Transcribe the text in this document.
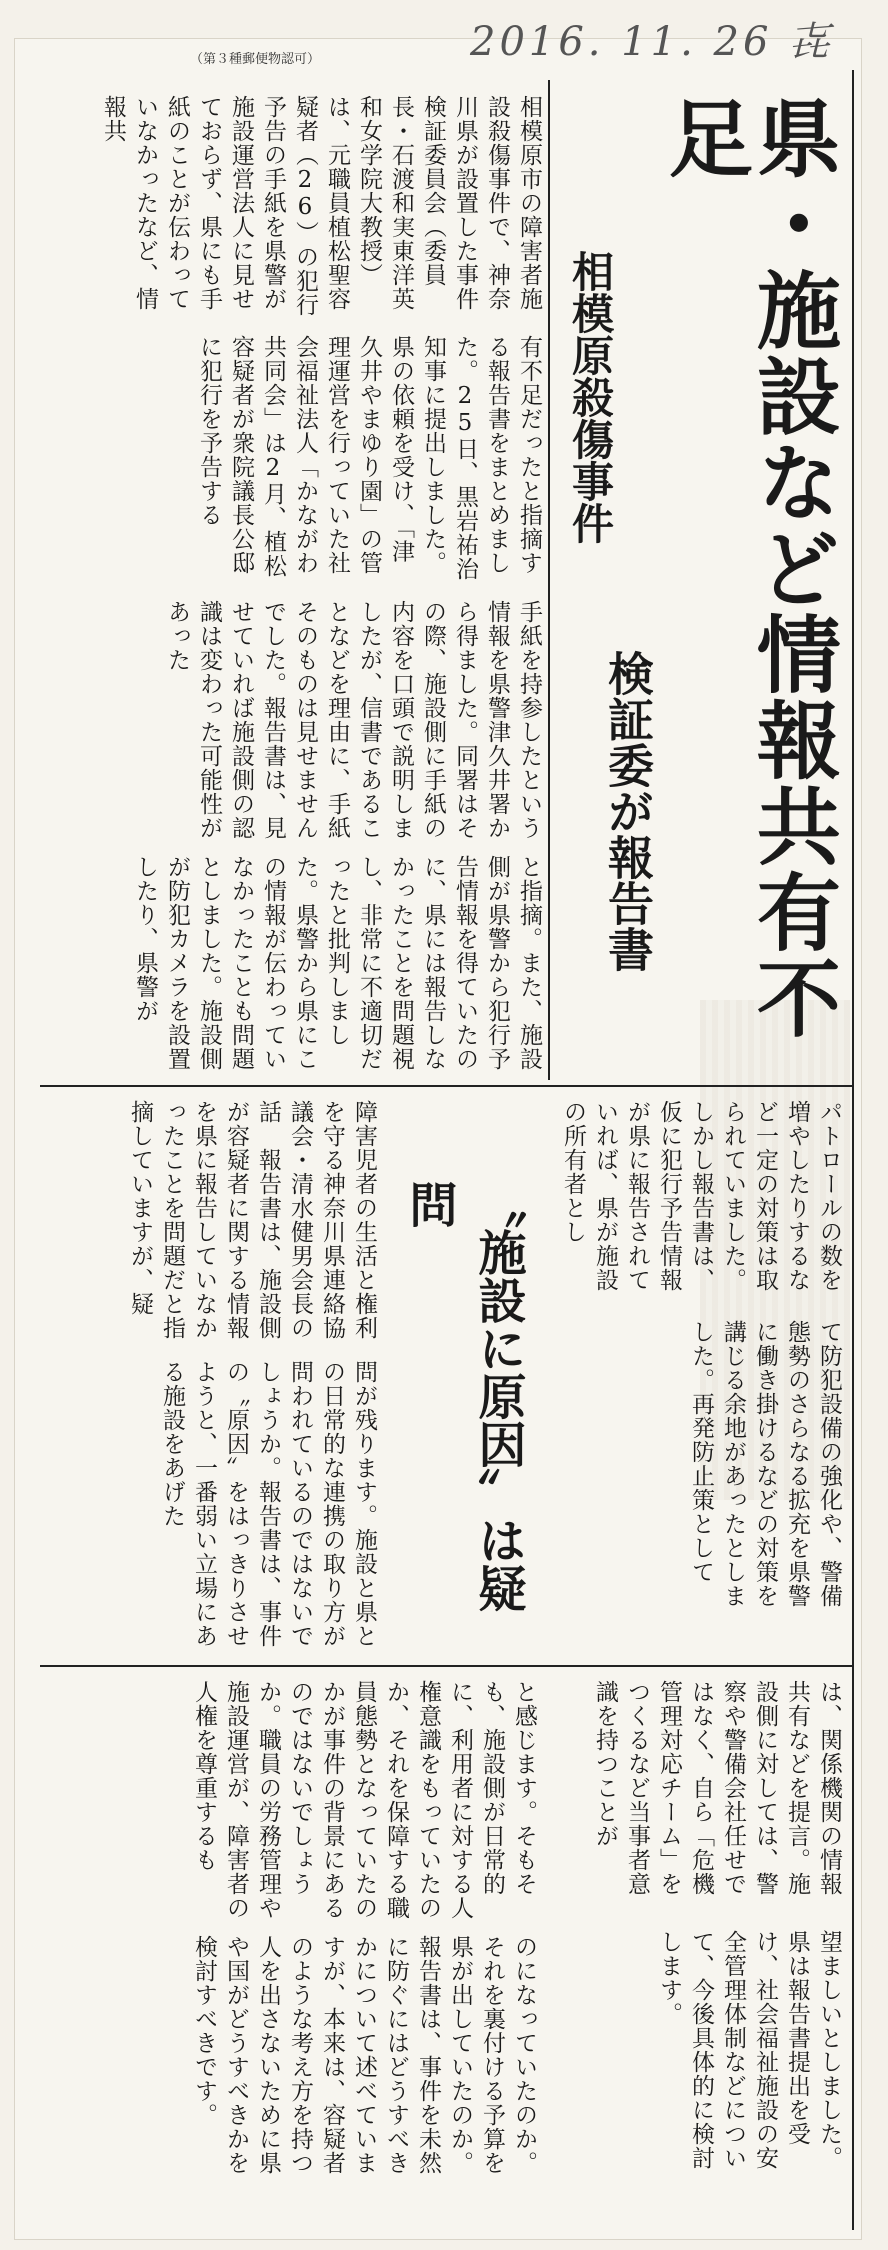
（第３種郵便物認可）	2016. 11. 26 㐂
県・施設など情報共有不足
相模原殺傷事件
検証委が報告書
〝施設に原因〟は疑問
相模原市の障害者施設殺傷事件で、神奈川県が設置した事件検証委員会（委員長・石渡和実東洋英和女学院大教授）は、元職員植松聖容疑者（26）の犯行予告の手紙を県警が施設運営法人に見せておらず、県にも手紙のことが伝わっていなかったなど、情報共
有不足だったと指摘する報告書をまとめました。25日、黒岩祐治知事に提出しました。県の依頼を受け、「津久井やまゆり園」の管理運営を行っていた社会福祉法人「かながわ共同会」は2月、植松容疑者が衆院議長公邸に犯行を予告する
手紙を持参したという情報を県警津久井署から得ました。同署はその際、施設側に手紙の内容を口頭で説明しましたが、信書であることなどを理由に、手紙そのものは見せませんでした。報告書は、見せていれば施設側の認識は変わった可能性があった
と指摘。また、施設側が県警から犯行予告情報を得ていたのに、県には報告しなかったことを問題視し、非常に不適切だったと批判しました。県警から県にこの情報が伝わっていなかったことも問題としました。施設側が防犯カメラを設置したり、県警が
パトロールの数を増やしたりするなど一定の対策は取られていました。しかし報告書は、仮に犯行予告情報が県に報告されていれば、県が施設の所有者とし
て防犯設備の強化や、警備態勢のさらなる拡充を県警に働き掛けるなどの対策を講じる余地があったとしました。再発防止策として
は、関係機関の情報共有などを提言。施設側に対しては、警察や警備会社任せではなく、自ら「危機管理対応チーム」をつくるなど当事者意識を持つことが
望ましいとしました。県は報告書提出を受け、社会福祉施設の安全管理体制などについて、今後具体的に検討します。
障害児者の生活と権利を守る神奈川県連絡協議会・清水健男会長の話　報告書は、施設側が容疑者に関する情報を県に報告していなかったことを問題だと指摘していますが、疑
問が残ります。施設と県との日常的な連携の取り方が問われているのではないでしょうか。報告書は、事件の〝原因〟をはっきりさせようと、一番弱い立場にある施設をあげた
と感じます。そもそも、施設側が日常的に、利用者に対する人権意識をもっていたのか、それを保障する職員態勢となっていたのかが事件の背景にあるのではないでしょうか。職員の労務管理や施設運営が、障害者の人権を尊重するも
のになっていたのか。それを裏付ける予算を県が出していたのか。報告書は、事件を未然に防ぐにはどうすべきかについて述べていますが、本来は、容疑者のような考え方を持つ人を出さないために県や国がどうすべきかを検討すべきです。
